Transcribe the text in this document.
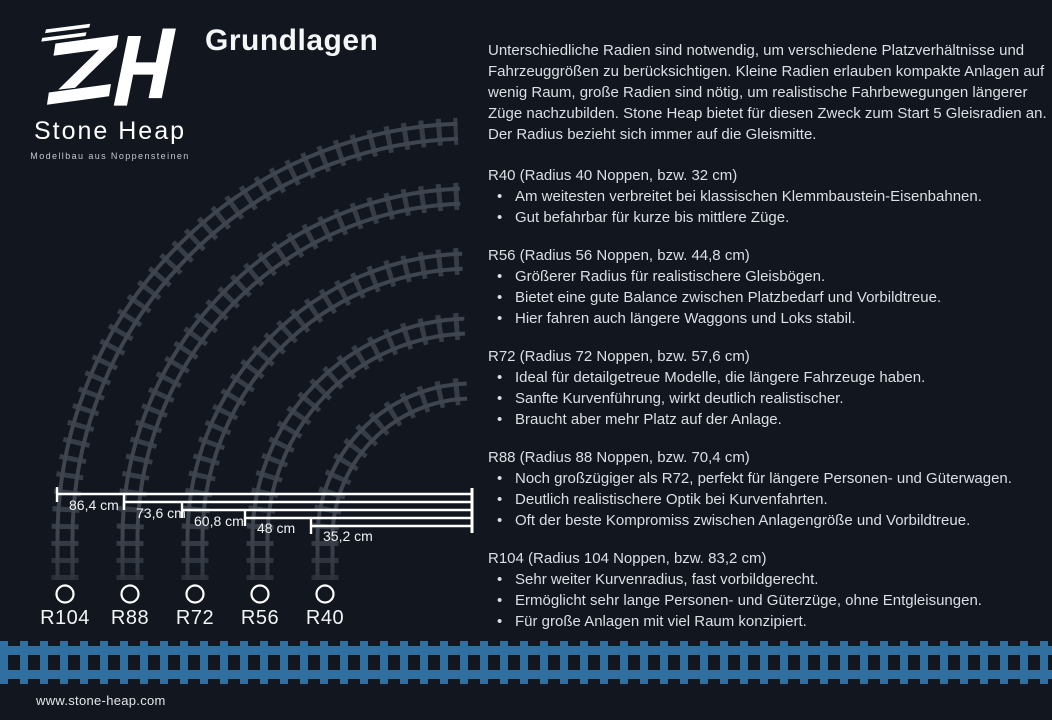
Stone Heap
Modellbau aus Noppensteinen
Grundlagen
86,4 cm 73,6 cm 60,8 cm 48 cm 35,2 cm
R104 R88 R72 R56 R40

Unterschiedliche Radien sind notwendig, um verschiedene Platzverhältnisse und Fahrzeuggrößen zu berücksichtigen. Kleine Radien erlauben kompakte Anlagen auf wenig Raum, große Radien sind nötig, um realistische Fahrbewegungen längerer Züge nachzubilden. Stone Heap bietet für diesen Zweck zum Start 5 Gleisradien an. Der Radius bezieht sich immer auf die Gleismitte.

R40 (Radius 40 Noppen, bzw. 32 cm)
• Am weitesten verbreitet bei klassischen Klemmbaustein-Eisenbahnen.
• Gut befahrbar für kurze bis mittlere Züge.
R56 (Radius 56 Noppen, bzw. 44,8 cm)
• Größerer Radius für realistischere Gleisbögen.
• Bietet eine gute Balance zwischen Platzbedarf und Vorbildtreue.
• Hier fahren auch längere Waggons und Loks stabil.
R72 (Radius 72 Noppen, bzw. 57,6 cm)
• Ideal für detailgetreue Modelle, die längere Fahrzeuge haben.
• Sanfte Kurvenführung, wirkt deutlich realistischer.
• Braucht aber mehr Platz auf der Anlage.
R88 (Radius 88 Noppen, bzw. 70,4 cm)
• Noch großzügiger als R72, perfekt für längere Personen- und Güterwagen.
• Deutlich realistischere Optik bei Kurvenfahrten.
• Oft der beste Kompromiss zwischen Anlagengröße und Vorbildtreue.
R104 (Radius 104 Noppen, bzw. 83,2 cm)
• Sehr weiter Kurvenradius, fast vorbildgerecht.
• Ermöglicht sehr lange Personen- und Güterzüge, ohne Entgleisungen.
• Für große Anlagen mit viel Raum konzipiert.
www.stone-heap.com
